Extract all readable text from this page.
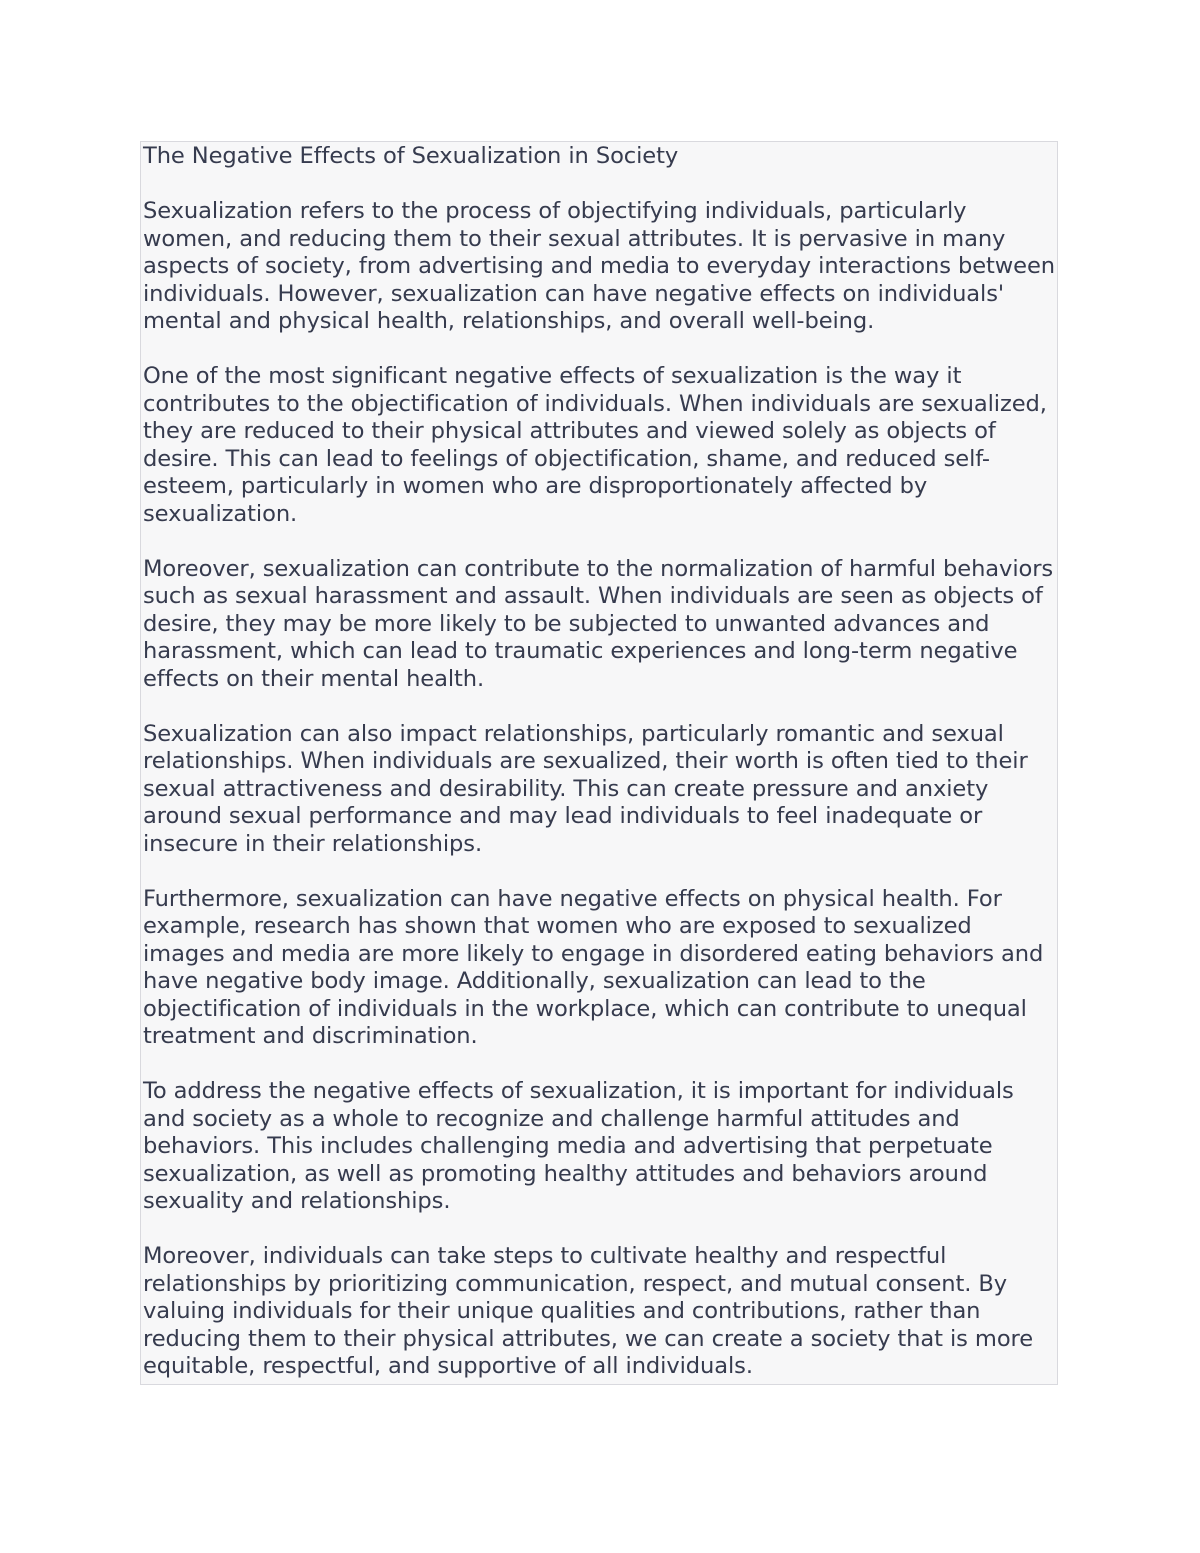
The Negative Effects of Sexualization in Society

Sexualization refers to the process of objectifying individuals, particularly women, and reducing them to their sexual attributes. It is pervasive in many aspects of society, from advertising and media to everyday interactions between individuals. However, sexualization can have negative effects on individuals' mental and physical health, relationships, and overall well-being.

One of the most significant negative effects of sexualization is the way it contributes to the objectification of individuals. When individuals are sexualized, they are reduced to their physical attributes and viewed solely as objects of desire. This can lead to feelings of objectification, shame, and reduced self-esteem, particularly in women who are disproportionately affected by sexualization.

Moreover, sexualization can contribute to the normalization of harmful behaviors such as sexual harassment and assault. When individuals are seen as objects of desire, they may be more likely to be subjected to unwanted advances and harassment, which can lead to traumatic experiences and long-term negative effects on their mental health.

Sexualization can also impact relationships, particularly romantic and sexual relationships. When individuals are sexualized, their worth is often tied to their sexual attractiveness and desirability. This can create pressure and anxiety around sexual performance and may lead individuals to feel inadequate or insecure in their relationships.

Furthermore, sexualization can have negative effects on physical health. For example, research has shown that women who are exposed to sexualized images and media are more likely to engage in disordered eating behaviors and have negative body image. Additionally, sexualization can lead to the objectification of individuals in the workplace, which can contribute to unequal treatment and discrimination.

To address the negative effects of sexualization, it is important for individuals and society as a whole to recognize and challenge harmful attitudes and behaviors. This includes challenging media and advertising that perpetuate sexualization, as well as promoting healthy attitudes and behaviors around sexuality and relationships.

Moreover, individuals can take steps to cultivate healthy and respectful relationships by prioritizing communication, respect, and mutual consent. By valuing individuals for their unique qualities and contributions, rather than reducing them to their physical attributes, we can create a society that is more equitable, respectful, and supportive of all individuals.
